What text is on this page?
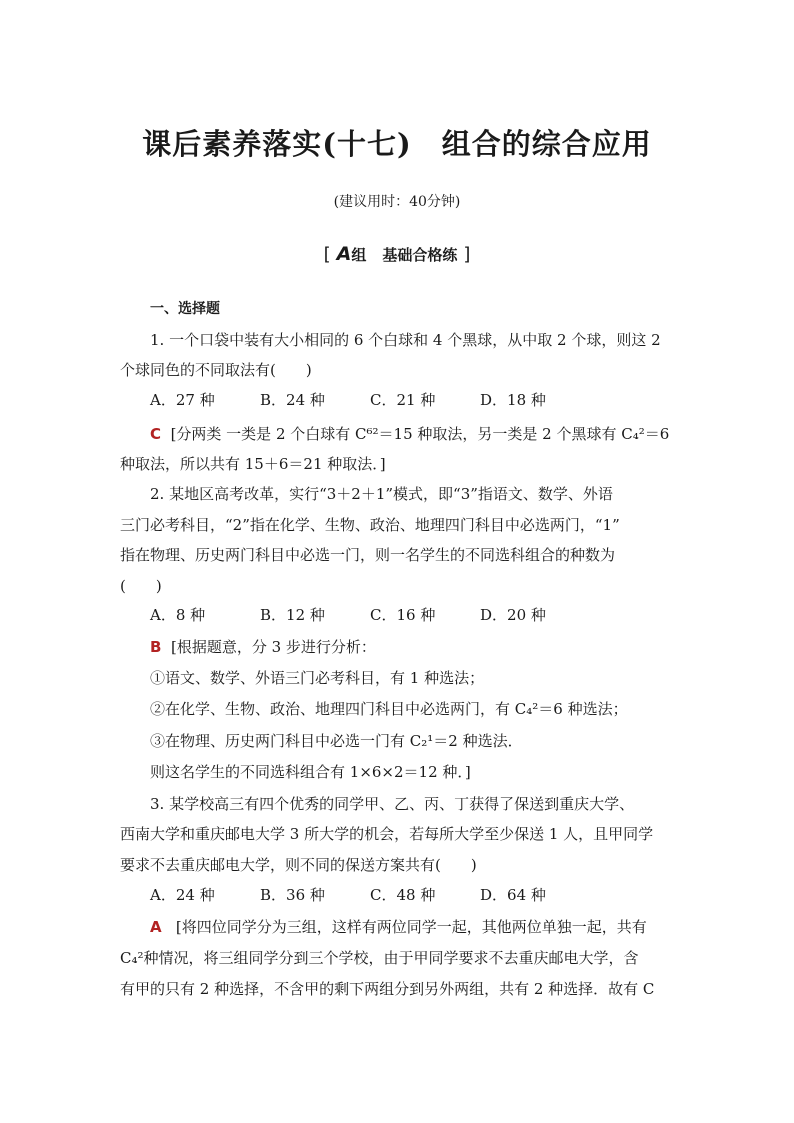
课后素养落实(十七)　组合的综合应用
(建议用时：40分钟)
[ A组 基础合格练 ]
一、选择题
1. 一个口袋中装有大小相同的 6 个白球和 4 个黑球，从中取 2 个球，则这 2
个球同色的不同取法有(　　)
A．27 种	B．24 种	C．21 种	D．18 种
C [分两类 一类是 2 个白球有 C⁶²＝15 种取法，另一类是 2 个黑球有 C₄²＝6
种取法，所以共有 15＋6＝21 种取法．]
2. 某地区高考改革，实行“3＋2＋1”模式，即“3”指语文、数学、外语
三门必考科目，“2”指在化学、生物、政治、地理四门科目中必选两门，“1”
指在物理、历史两门科目中必选一门，则一名学生的不同选科组合的种数为
(　　)
A．8 种	B．12 种	C．16 种	D．20 种
B [根据题意，分 3 步进行分析：
①语文、数学、外语三门必考科目，有 1 种选法；
②在化学、生物、政治、地理四门科目中必选两门，有 C₄²＝6 种选法；
③在物理、历史两门科目中必选一门有 C₂¹＝2 种选法．
则这名学生的不同选科组合有 1×6×2＝12 种．]
3. 某学校高三有四个优秀的同学甲、乙、丙、丁获得了保送到重庆大学、
西南大学和重庆邮电大学 3 所大学的机会，若每所大学至少保送 1 人，且甲同学
要求不去重庆邮电大学，则不同的保送方案共有(　　)
A．24 种	B．36 种	C．48 种	D．64 种
A [将四位同学分为三组，这样有两位同学一起，其他两位单独一起，共有
C₄²种情况，将三组同学分到三个学校，由于甲同学要求不去重庆邮电大学，含
有甲的只有 2 种选择，不含甲的剩下两组分到另外两组，共有 2 种选择．故有 C
